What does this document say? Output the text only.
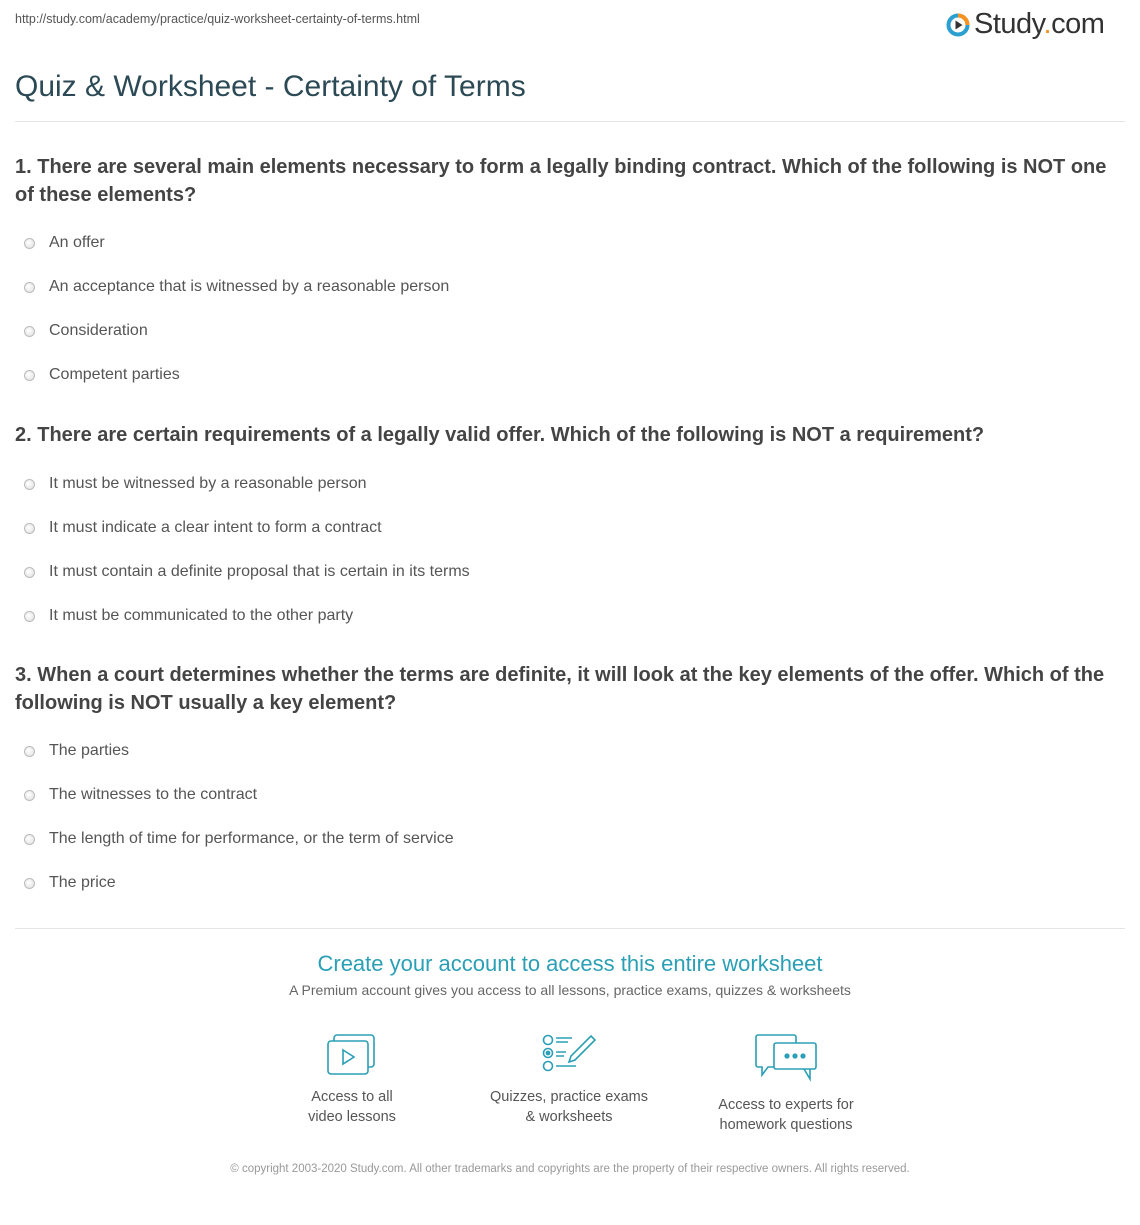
http://study.com/academy/practice/quiz-worksheet-certainty-of-terms.html	Study.com
Quiz & Worksheet - Certainty of Terms
1. There are several main elements necessary to form a legally binding contract. Which of the following is NOT one of these elements?
An offer
An acceptance that is witnessed by a reasonable person
Consideration
Competent parties
2. There are certain requirements of a legally valid offer. Which of the following is NOT a requirement?
It must be witnessed by a reasonable person
It must indicate a clear intent to form a contract
It must contain a definite proposal that is certain in its terms
It must be communicated to the other party
3. When a court determines whether the terms are definite, it will look at the key elements of the offer. Which of the following is NOT usually a key element?
The parties
The witnesses to the contract
The length of time for performance, or the term of service
The price
Create your account to access this entire worksheet
A Premium account gives you access to all lessons, practice exams, quizzes & worksheets
Access to all
video lessons
Quizzes, practice exams
& worksheets
Access to experts for
homework questions
© copyright 2003-2020 Study.com. All other trademarks and copyrights are the property of their respective owners. All rights reserved.
